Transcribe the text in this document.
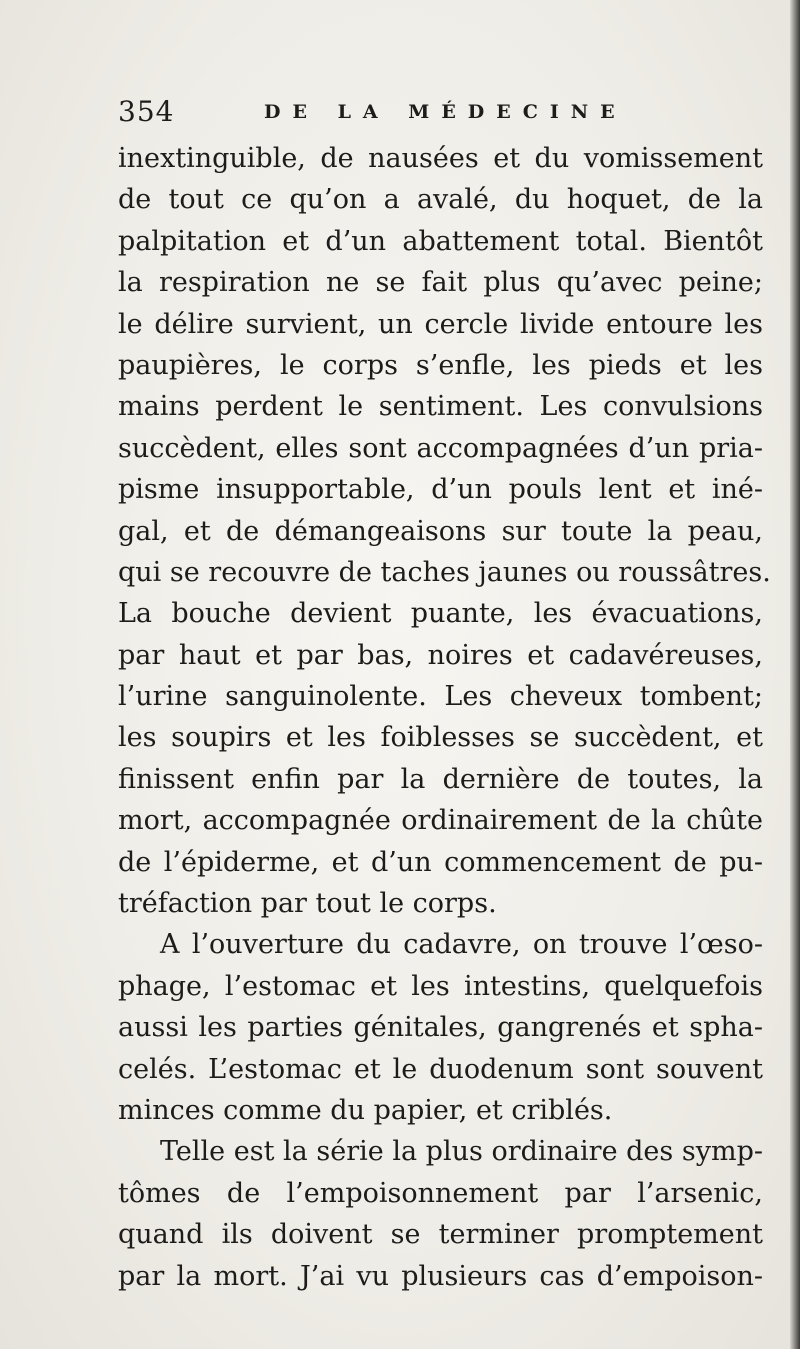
354	DE LA MÉDECINE
inextinguible, de nausées et du vomissement
de tout ce qu’on a avalé, du hoquet, de la
palpitation et d’un abattement total. Bientôt
la respiration ne se fait plus qu’avec peine;
le délire survient, un cercle livide entoure les
paupières, le corps s’enfle, les pieds et les
mains perdent le sentiment. Les convulsions
succèdent, elles sont accompagnées d’un pria-
pisme insupportable, d’un pouls lent et iné-
gal, et de démangeaisons sur toute la peau,
qui se recouvre de taches jaunes ou roussâtres.
La bouche devient puante, les évacuations,
par haut et par bas, noires et cadavéreuses,
l’urine sanguinolente. Les cheveux tombent;
les soupirs et les foiblesses se succèdent, et
finissent enfin par la dernière de toutes, la
mort, accompagnée ordinairement de la chûte
de l’épiderme, et d’un commencement de pu-
tréfaction par tout le corps.
A l’ouverture du cadavre, on trouve l’œso-
phage, l’estomac et les intestins, quelquefois
aussi les parties génitales, gangrenés et spha-
celés. L’estomac et le duodenum sont souvent
minces comme du papier, et criblés.
Telle est la série la plus ordinaire des symp-
tômes de l’empoisonnement par l’arsenic,
quand ils doivent se terminer promptement
par la mort. J’ai vu plusieurs cas d’empoison-
